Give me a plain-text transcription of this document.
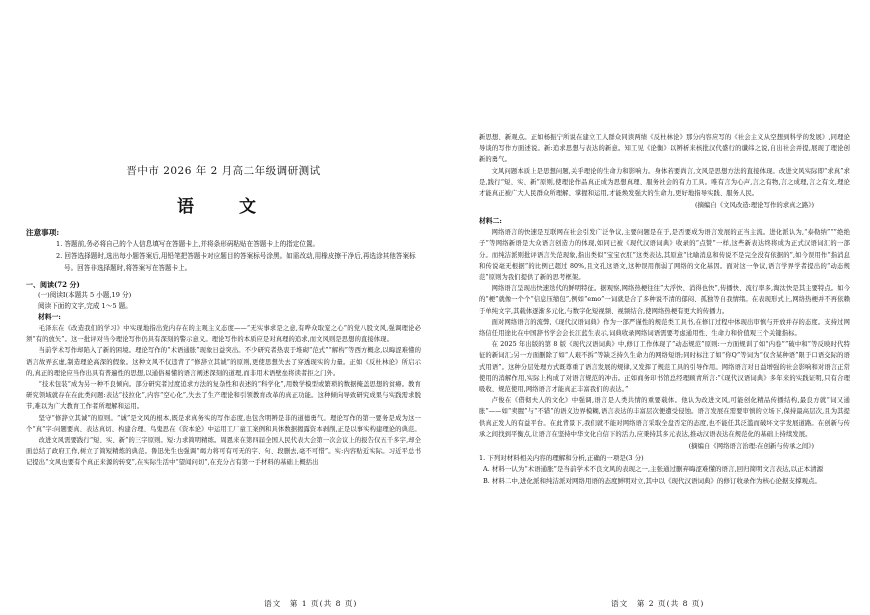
晋中市 2026 年 2 月高二年级调研测试
语　文
注意事项:
1. 答题前,务必将自己的个人信息填写在答题卡上,并将条形码粘贴在答题卡上的指定位置。
2. 回答选择题时,选出每小题答案后,用铅笔把答题卡对应题目的答案标号涂黑。如需改动,用橡皮擦干净后,再选涂其他答案标号。回答非选择题时,将答案写在答题卡上。
一、阅读(72 分)
(一)阅读Ⅰ(本题共 5 小题,19 分)
阅读下面的文字,完成 1～5 题。
材料一:
毛泽东在《改造我们的学习》中实现地指出党内存在的主观主义态度——“无实事求是之意,有哗众取宠之心”的党八股文风,强调理论必须“有的放矢”。这一批评对当今理论写作仍具有深刻的警示意义。理论写作的本质应是对真理的追求,而文风则是思想的直接体现。
当前学术写作却陷入了新的困境。理论写作的“术语通胀”现象日益突出。不少研究者热衷于堆砌“范式”“解构”等西方概念,以晦涩难懂的语言故弄玄虚,制造理论高深的假象。这种文风不仅违背了“修辞立其诚”的原则,更使思想失去了穿透现实的力量。正如《反杜林论》所启示的,真正的理论应当作出具有普遍性的思想,以通俗易懂的语言阐述深刻的道理,而非用术语壁垒将读者拒之门外。
“技术包装”成为另一种不良倾向。部分研究者过度追求方法的复杂性和表述的“科学化”,用数学模型或繁琐的数据掩盖思想的贫瘠。教育研究领域就存在在此类问题:表达“技拉化”,内容“空心化”,失去了生产理论和引领教育改革的真正功能。这种倾向导致研究成果与实践需求脱节,难以为广大教育工作者所理解和运用。
坚守“修辞立其诚”的原则。“诚”是文风的根本,既是求真务实的写作态度,也包含明辨是非的道德勇气。理论写作的第一要务是成为这一个“真”字:问题要真、表达真切、构建合理、鸟鬼思在《资本论》中运用工厂童工案例和具体数据揭露资本剥削,正是以事实构建理论的典范。
改进文风需要践行“短、实、新”的三字原则。短:力求简明精练。周恩来在第四届全国人民代表大会第一次会议上的报告仅五千多字,却全面总结了政府工作,树立了简短精炼的典范。鲁迅先生也强调“竭力将可有可无的字、句、段删去,毫不可惜”。实:内容贴近实际。习近平总书记提出“文风也要有个真正来源的转变”,在实际生活中“望闻问切”,在充分占有第一手材料的基础上概括出
语文　第 1 页(共 8 页)
新思想、新观点。正如杨振宁所说在建立工人群众同读两绩《反杜林论》那分内容应写的《社会主义从空想到科学的发展》,同理论导谈的写作方面述说。新:追求思想与表达的新意。知工见《论衡》以辨析来核批汉代盛行的谶纬之说,自出社会并提,展现了理论创新的勇气。
文风问题本质上是思想问题,关乎理论的生命力和影响力。身体若要尚言,文风是思想方法的直接体现。改进文风实际即“求真”求是,践行“短、实、新”原则,使理论作品真正成为思想真理、服务社会的有力工具。唯有言为心声,言之有物,言之成理,言之有文,理论才能真正被广大人民群众所理解、掌握和运用,才能焕发强大的生命力,更好地指导实践、服务人民。
(摘编自《文风改造:理论写作的求真之路》)
材料二:
网络语言的快速是互联网在社会引发广泛争议,主要问题是在于,是否要成为语言发展的正当主流。进化派认为,“泰勒纳”“”绝绝子”等网络新语是大众语言创造力的体现,如同已被《现代汉语词典》收录的“点赞”一样,这些新表达终将成为正式汉语词汇的一部分。而纯洁派则批评语言失范现象,指出类似“宝宝衣肛”这类表达,其原意“比喻消息和传说不是完全没有依据的”,如今误用作“指消息和传说毫无根据”的比例已超过 80%,且文孔这语文,这种误用削弱了网络的文化基因。面对这一争议,语言学界学者提出的“动态规范”原则为我们提供了新的思考框架。
网络语言呈现出快速迭代的鲜明特征。据观察,网络热梗往往“大浮快、消得也快”,传播快、流行率多,淘汰快是其主要特点。如今的“梗”就像一个个“信息压缩包”,例如“emo”一词就是合了多种说不清的郁闷、孤独等自我情绪。在表现形式上,网络热梗并不再依赖于单纯文字,其载体逐渐多元化,与数字化短视频、视频结合,使网络热梗有更大的传播力。
面对网络语言的流弊,《现代汉语词典》作为一部严谨性的规范类工具书,在修订过程中体现出审慎与开放并存的态度。支持过网络信任用途比在中国辞书学会会长江蓝生表示,词典收录网络词语需要考虑通用性、生命力和价值观三个关键指标。
在 2025 年出版的第 8 版《现代汉语词典》中,修订工作体现了“动态规范”原则:一方面规训了如“内卷”“破中和”等反映时代特征的新词汇;另一方面删除了如“人艰不拆”等缺乏持久生命力的网络短语;同时标注了如“你Q”等词为“仅含某种语”限于口语交际的语式用语”。这种分层处理方式既尊重了语言发展的规律,又发挥了规范工具的引导作用。网络语言对日益增强的社会影响和对语言正常使用的消解作用,实际上构成了对语言规范的冲击。正如商务印书馆总经理顾青所言:“《现代汉语词典》多年来的实践证明,只有合理吸收、规范使用,网络语言才能真正丰富我们的表达。”
卢俊在《借彻夫人的文化》中强调,语言是人类共情的重要载体。他认为改进文风,可能创化精品传播结构,最良方就“词又通胀”——如“卖腥”与“不错”的语义边界模糊,语言表达的丰富层次便遭受侵蚀。语言发展在需要审慎的立场下,保持最高层次,且为其提供真正发人的有益平台。在此背景下,我们就不能对网络语言采取全盘否定的态度,也不能任其泛滥而破坏文字发展道路。在创新与传承之间找到平衡点,让语言在坚持中华文化自信下的活力,应秉持其多元表达,推动汉语表达在规范化的基础上持续发展。
(摘编自《网络语言治理:在创新与传承之间》)
1. 下列对材料相关内容的理解和分析,正确的一项是(3 分)
A. 材料一认为“术语通胀”是当前学术不良文风的表现之一,主张通过删弃晦涩难懂的语言,回归简明文言表达,以正本清源
B. 材料二中,进化派和纯洁派对网络用语的态度鲜明对立,其中以《现代汉语词典》的修订收录作为核心论据支撑观点。
语文　第 2 页(共 8 页)
